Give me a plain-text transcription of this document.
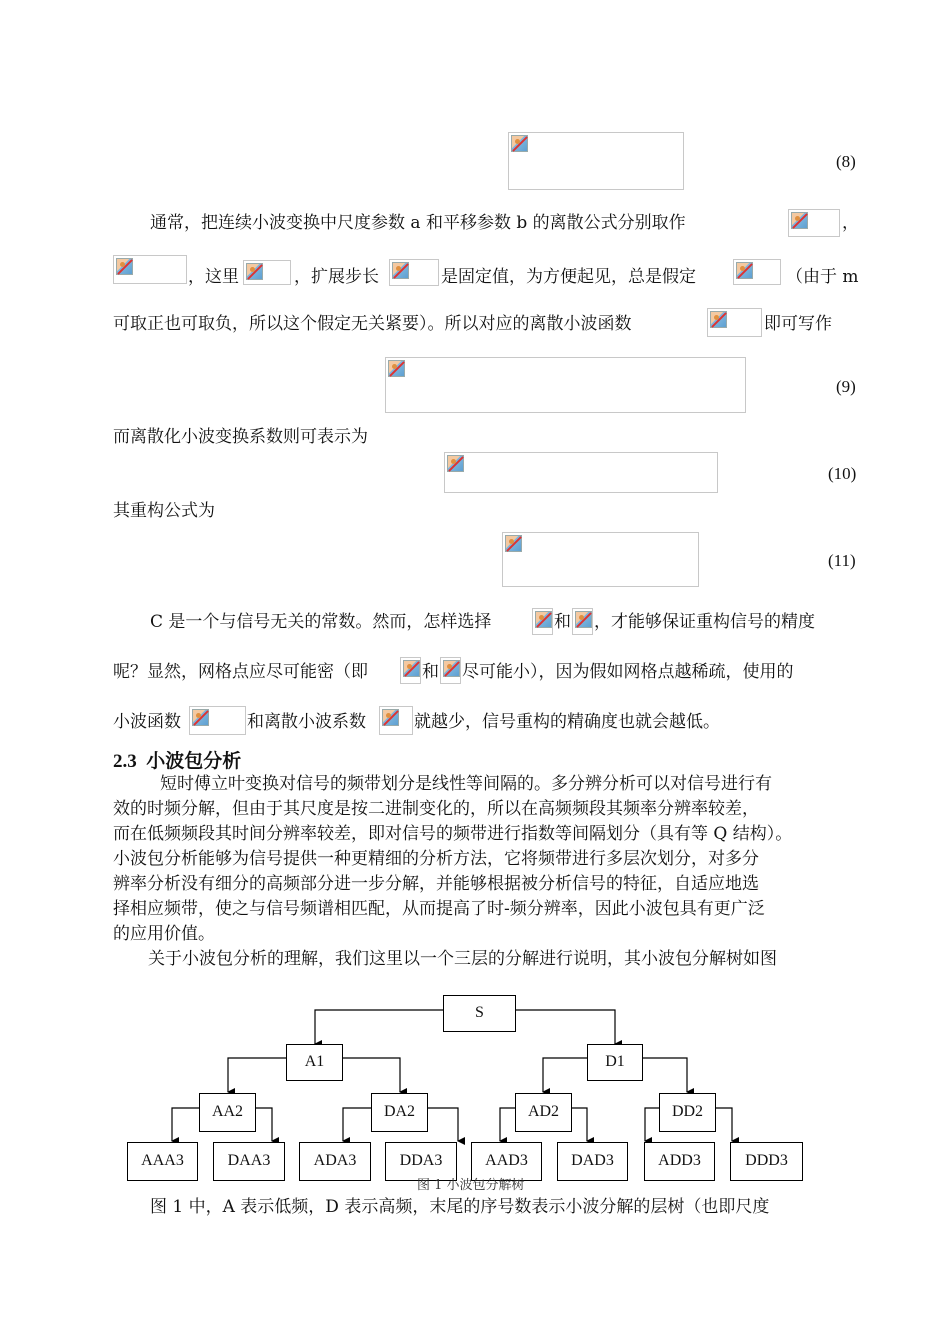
(8)
通常，把连续小波变换中尺度参数 a 和平移参数 b 的离散公式分别取作	，
，这里	，扩展步长	是固定值，为方便起见，总是假定	（由于 m
可取正也可取负，所以这个假定无关紧要）。所以对应的离散小波函数	即可写作
(9)
而离散化小波变换系数则可表示为
(10)
其重构公式为
(11)
C 是一个与信号无关的常数。然而，怎样选择	和 ，才能够保证重构信号的精度
呢？显然，网格点应尽可能密（即	和 尽可能小），因为假如网格点越稀疏，使用的
小波函数	和离散小波系数	就越少，信号重构的精确度也就会越低。
2.3 小波包分析
短时傅立叶变换对信号的频带划分是线性等间隔的。多分辨分析可以对信号进行有
效的时频分解，但由于其尺度是按二进制变化的，所以在高频频段其频率分辨率较差，
而在低频频段其时间分辨率较差，即对信号的频带进行指数等间隔划分（具有等 Q 结构）。
小波包分析能够为信号提供一种更精细的分析方法，它将频带进行多层次划分，对多分
辨率分析没有细分的高频部分进一步分解，并能够根据被分析信号的特征，自适应地选
择相应频带，使之与信号频谱相匹配，从而提高了时-频分辨率，因此小波包具有更广泛
的应用价值。
关于小波包分析的理解，我们这里以一个三层的分解进行说明，其小波包分解树如图
S
A1	D1
AA2	DA2	AD2	DD2
AAA3	DAA3	ADA3	DDA3	AAD3	DAD3	ADD3	DDD3
图 1 小波包分解树
图 1 中，A 表示低频，D 表示高频，末尾的序号数表示小波分解的层树（也即尺度
